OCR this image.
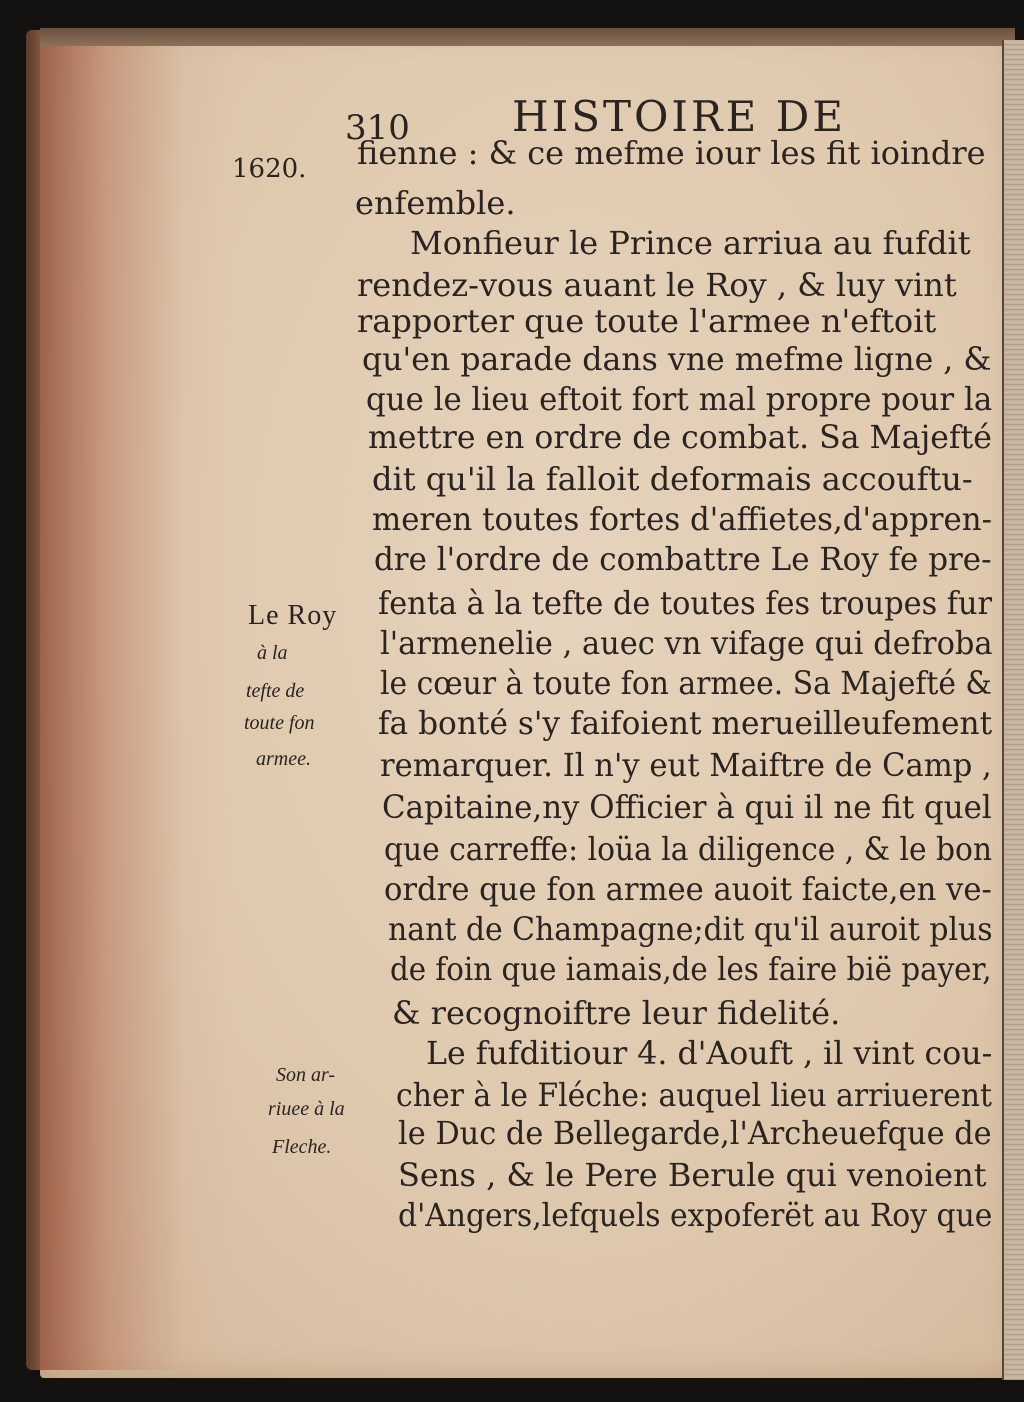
310 HISTOIRE DE
1620. fienne : & ce mefme iour les fit ioindre
enfemble.
Monfieur le Prince arriua au fufdit
rendez-vous auant le Roy , & luy vint
rapporter que toute l'armee n'eftoit
qu'en parade dans vne mefme ligne , &
que le lieu eftoit fort mal propre pour la
mettre en ordre de combat. Sa Majefté
dit qu'il la falloit deformais accouftu-
meren toutes fortes d'affietes,d'appren-
dre l'ordre de combattre Le Roy fe pre-
fenta à la tefte de toutes fes troupes fur
l'armenelie , auec vn vifage qui defroba
le cœur à toute fon armee. Sa Majefté &
fa bonté s'y faifoient merueilleufement
remarquer. Il n'y eut Maiftre de Camp ,
Capitaine,ny Officier à qui il ne fit quel
que carreffe: loüa la diligence , & le bon
ordre que fon armee auoit faicte,en ve-
nant de Champagne;dit qu'il auroit plus
de foin que iamais,de les faire bië payer,
& recognoiftre leur fidelité.
Le fufditiour 4. d'Aouft , il vint cou-
cher à le Fléche: auquel lieu arriuerent
le Duc de Bellegarde,l'Archeuefque de
Sens , & le Pere Berule qui venoient
d'Angers,lefquels expoferët au Roy que
Le Roy
à la
tefte de
toute fon
armee.
Son ar-
riuee à la
Fleche.
